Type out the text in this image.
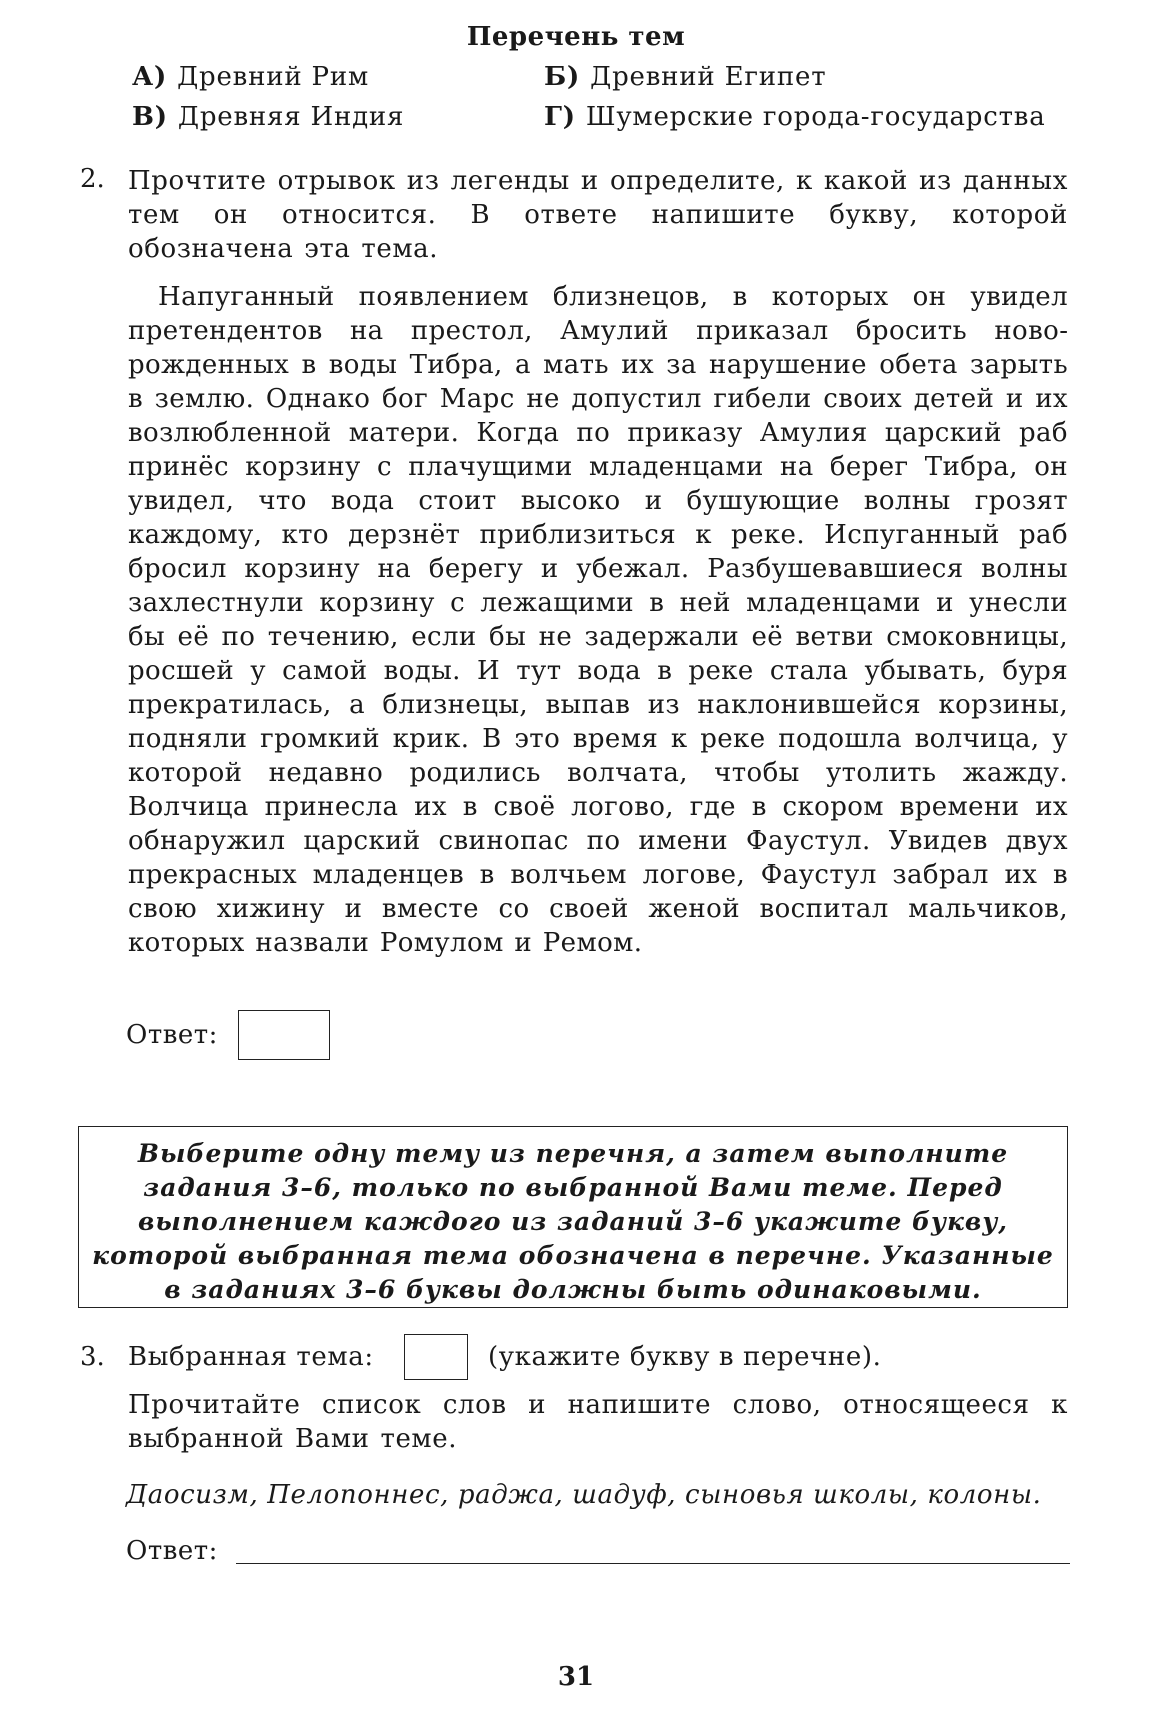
Перечень тем
А) Древний Рим	Б) Древний Египет
В) Древняя Индия	Г) Шумерские города-государства
2. Прочтите отрывок из легенды и определите, к какой из данных тем он относится. В ответе напишите букву, которой обозначена эта тема.
Напуганный появлением близнецов, в которых он увидел претендентов на престол, Амулий приказал бросить новорожденных в воды Тибра, а мать их за нарушение обета зарыть в землю. Однако бог Марс не допустил гибели своих детей и их возлюбленной матери. Когда по приказу Амулия царский раб принёс корзину с плачущими младенцами на берег Тибра, он увидел, что вода стоит высоко и бушующие волны грозят каждому, кто дерзнёт приблизиться к реке. Испуганный раб бросил корзину на берегу и убежал. Разбушевавшиеся волны захлестнули корзину с лежащими в ней младенцами и унесли бы её по течению, если бы не задержали её ветви смоковницы, росшей у самой воды. И тут вода в реке стала убывать, буря прекратилась, а близнецы, выпав из наклонившейся корзины, подняли громкий крик. В это время к реке подошла волчица, у которой недавно родились волчата, чтобы утолить жажду. Волчица принесла их в своё логово, где в скором времени их обнаружил царский свинопас по имени Фаустул. Увидев двух прекрасных младенцев в волчьем логове, Фаустул забрал их в свою хижину и вместе со своей женой воспитал мальчиков, которых назвали Ромулом и Ремом.
Ответ:
Выберите одну тему из перечня, а затем выполните
задания 3–6, только по выбранной Вами теме. Перед
выполнением каждого из заданий 3–6 укажите букву,
которой выбранная тема обозначена в перечне. Указанные
в заданиях 3–6 буквы должны быть одинаковыми.
3. Выбранная тема:	(укажите букву в перечне).
Прочитайте список слов и напишите слово, относящееся к выбранной Вами теме.
Даосизм, Пелопоннес, раджа, шадуф, сыновья школы, колоны.
Ответ:
31
